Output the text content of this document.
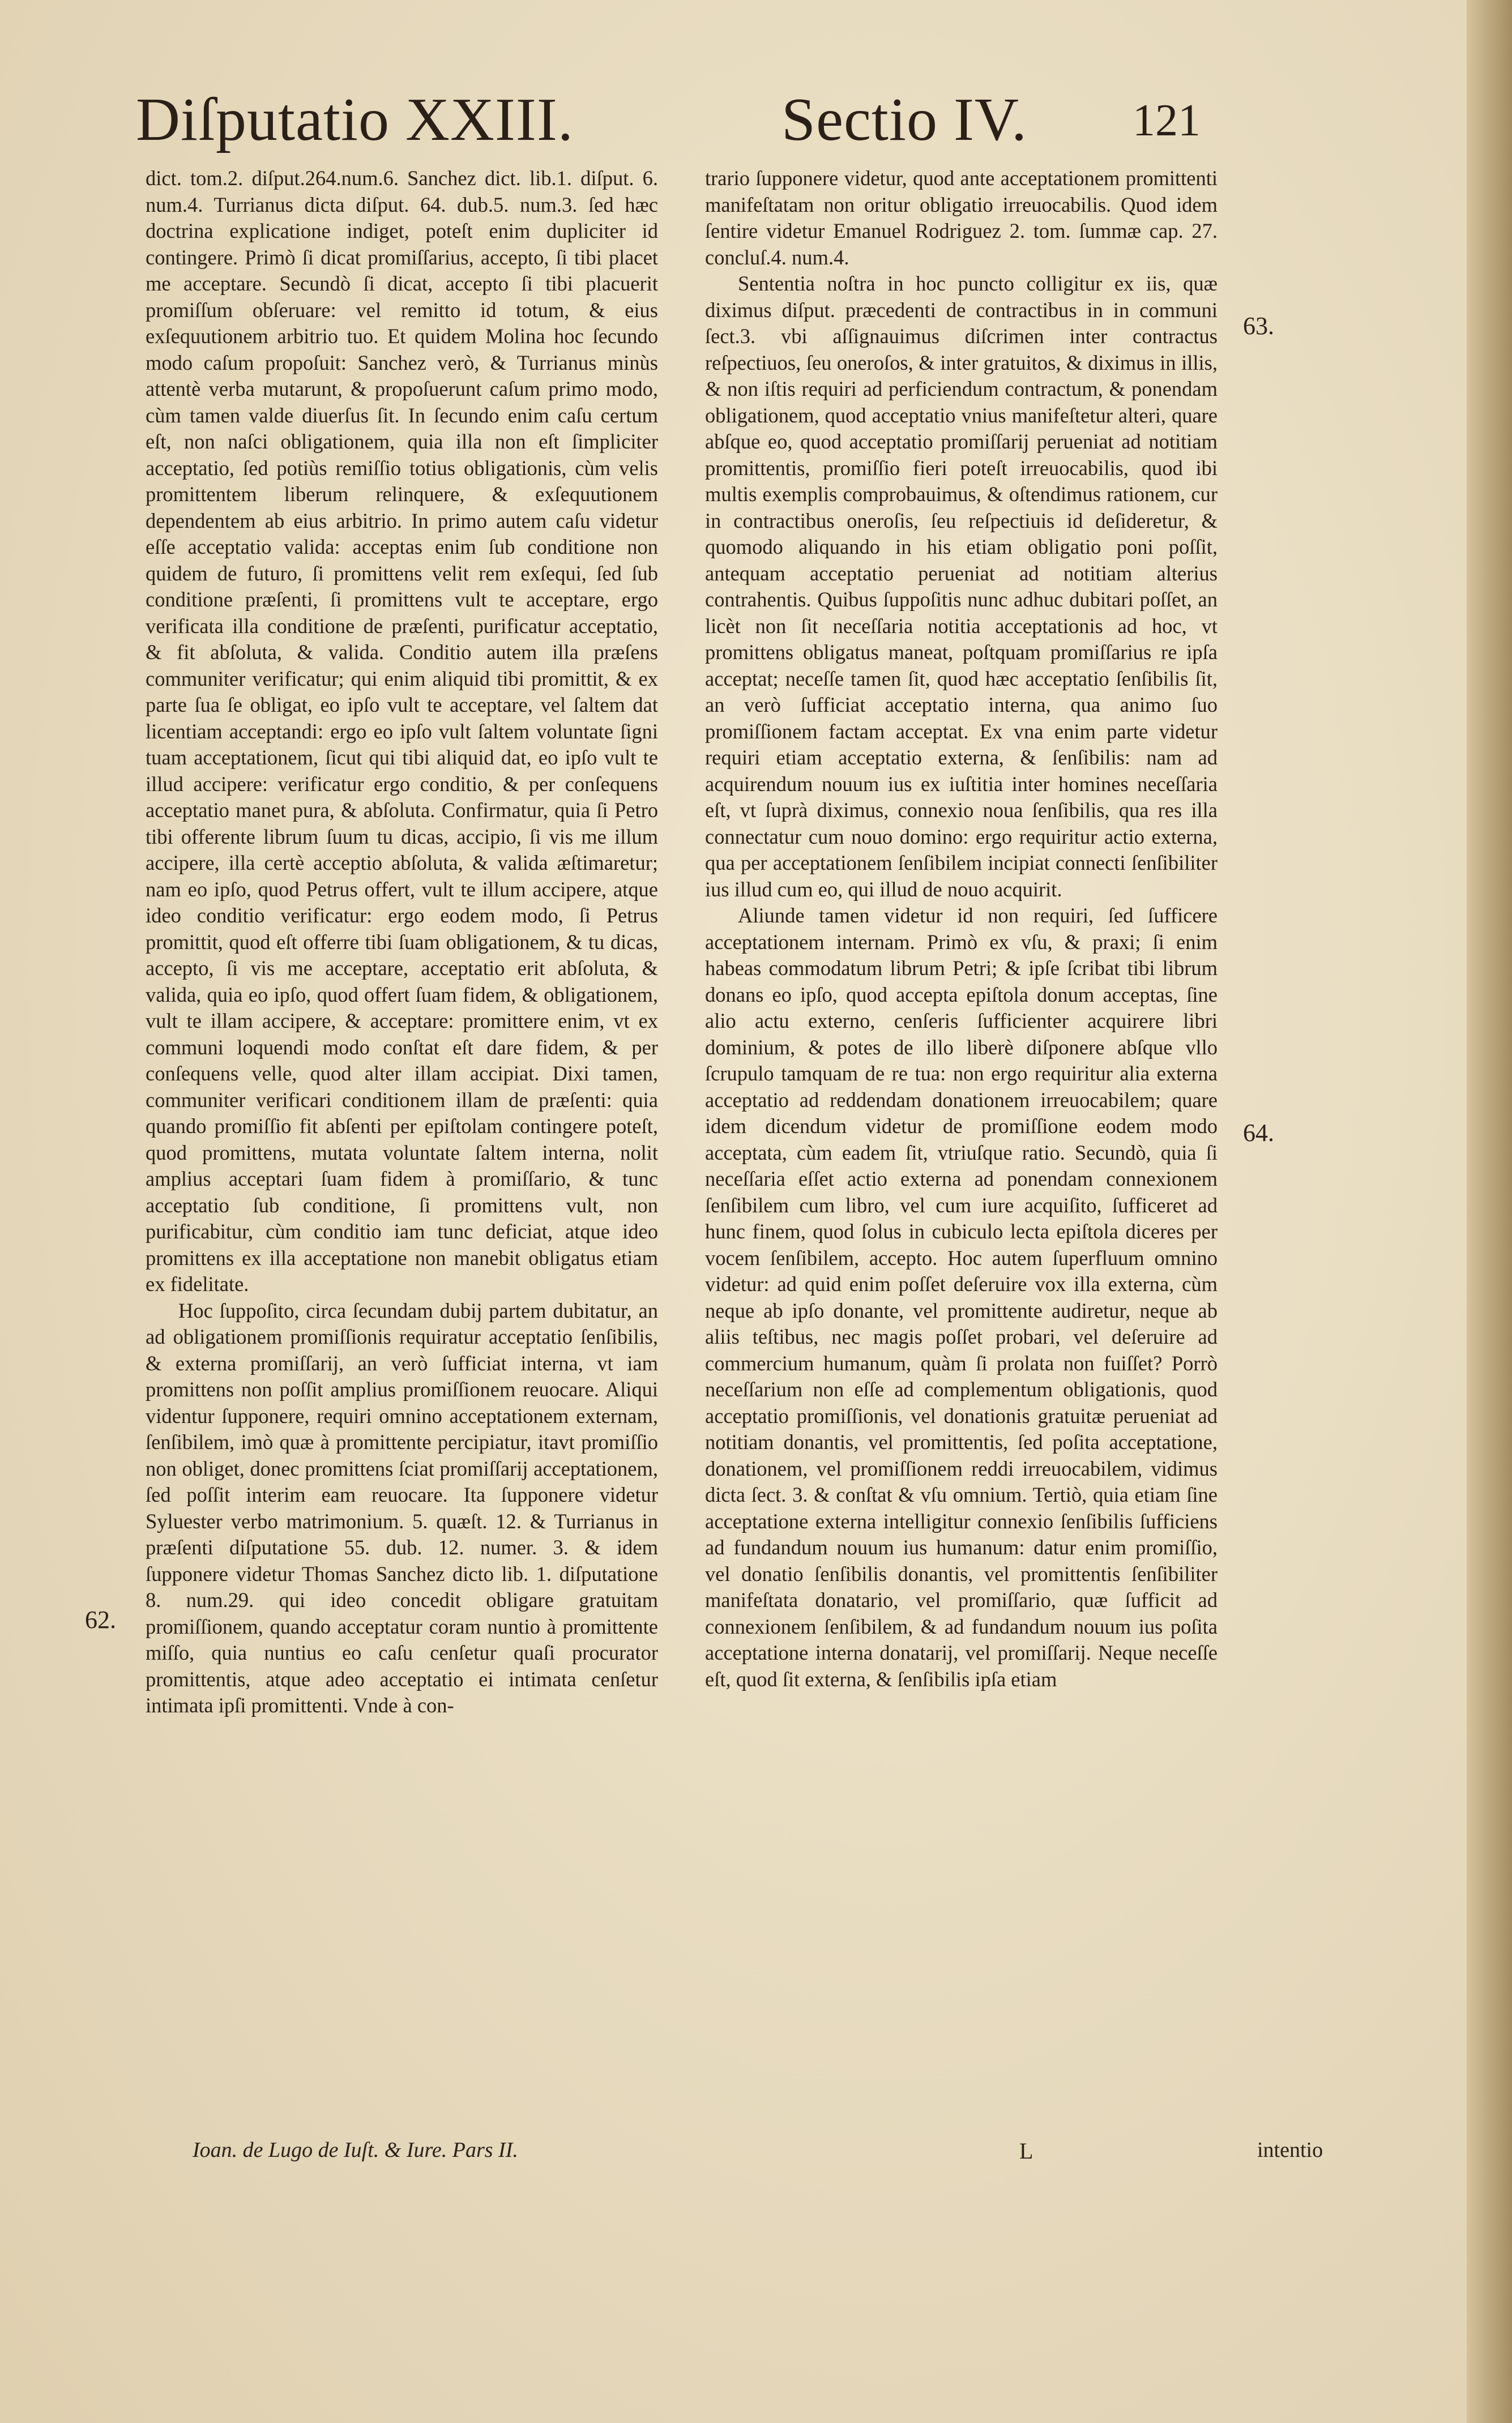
Diſputatio XXIII.	Sectio IV. 121

dict. tom.2. diſput.264.num.6. Sanchez dict. lib.1. diſput. 6. num.4. Turrianus dicta diſput. 64. dub.5. num.3. ſed hæc doctrina explicatione indiget, poteſt enim dupliciter id contingere. Primò ſi dicat promiſſarius, accepto, ſi tibi placet me acceptare. Secundò ſi dicat, accepto ſi tibi placuerit promiſſum obſeruare: vel remitto id totum, & eius exſequutionem arbitrio tuo. Et quidem Molina hoc ſecundo modo caſum propoſuit: Sanchez verò, & Turrianus minùs attentè verba mutarunt, & propoſuerunt caſum primo modo, cùm tamen valde diuerſus ſit. In ſecundo enim caſu certum eſt, non naſci obligationem, quia illa non eſt ſimpliciter acceptatio, ſed potiùs remiſſio totius obligationis, cùm velis promittentem liberum relinquere, & exſequutionem dependentem ab eius arbitrio. In primo autem caſu videtur eſſe acceptatio valida: acceptas enim ſub conditione non quidem de futuro, ſi promittens velit rem exſequi, ſed ſub conditione præſenti, ſi promittens vult te acceptare, ergo verificata illa conditione de præſenti, purificatur acceptatio, & fit abſoluta, & valida. Conditio autem illa præſens communiter verificatur; qui enim aliquid tibi promittit, & ex parte ſua ſe obligat, eo ipſo vult te acceptare, vel ſaltem dat licentiam acceptandi: ergo eo ipſo vult ſaltem voluntate ſigni tuam acceptationem, ſicut qui tibi aliquid dat, eo ipſo vult te illud accipere: verificatur ergo conditio, & per conſequens acceptatio manet pura, & abſoluta. Confirmatur, quia ſi Petro tibi offerente librum ſuum tu dicas, accipio, ſi vis me illum accipere, illa certè acceptio abſoluta, & valida æſtimaretur; nam eo ipſo, quod Petrus offert, vult te illum accipere, atque ideo conditio verificatur: ergo eodem modo, ſi Petrus promittit, quod eſt offerre tibi ſuam obligationem, & tu dicas, accepto, ſi vis me acceptare, acceptatio erit abſoluta, & valida, quia eo ipſo, quod offert ſuam fidem, & obligationem, vult te illam accipere, & acceptare: promittere enim, vt ex communi loquendi modo conſtat eſt dare fidem, & per conſequens velle, quod alter illam accipiat. Dixi tamen, communiter verificari conditionem illam de præſenti: quia quando promiſſio fit abſenti per epiſtolam contingere poteſt, quod promittens, mutata voluntate ſaltem interna, nolit amplius acceptari ſuam fidem à promiſſario, & tunc acceptatio ſub conditione, ſi promittens vult, non purificabitur, cùm conditio iam tunc deficiat, atque ideo promittens ex illa acceptatione non manebit obligatus etiam ex fidelitate.

Hoc ſuppoſito, circa ſecundam dubij partem dubitatur, an ad obligationem promiſſionis requiratur acceptatio ſenſibilis, & externa promiſſarij, an verò ſufficiat interna, vt iam promittens non poſſit amplius promiſſionem reuocare. Aliqui videntur ſupponere, requiri omnino acceptationem externam, ſenſibilem, imò quæ à promittente percipiatur, itavt promiſſio non obliget, donec promittens ſciat promiſſarij acceptationem, ſed poſſit interim eam reuocare. Ita ſupponere videtur Syluester verbo matrimonium. 5. quæſt. 12. & Turrianus in præſenti diſputatione 55. dub. 12. numer. 3. & idem ſupponere videtur Thomas Sanchez dicto lib. 1. diſputatione 8. num.29. qui ideo concedit obligare gratuitam promiſſionem, quando acceptatur coram nuntio à promittente miſſo, quia nuntius eo caſu cenſetur quaſi procurator promittentis, atque adeo acceptatio ei intimata cenſetur intimata ipſi promittenti. Vnde à con-

trario ſupponere videtur, quod ante acceptationem promittenti manifeſtatam non oritur obligatio irreuocabilis. Quod idem ſentire videtur Emanuel Rodriguez 2. tom. ſummæ cap. 27. concluſ.4. num.4.

Sententia noſtra in hoc puncto colligitur ex iis, quæ diximus diſput. præcedenti de contractibus in in communi ſect.3. vbi aſſignauimus diſcrimen inter contractus reſpectiuos, ſeu oneroſos, & inter gratuitos, & diximus in illis, & non iſtis requiri ad perficiendum contractum, & ponendam obligationem, quod acceptatio vnius manifeſtetur alteri, quare abſque eo, quod acceptatio promiſſarij perueniat ad notitiam promittentis, promiſſio fieri poteſt irreuocabilis, quod ibi multis exemplis comprobauimus, & oſtendimus rationem, cur in contractibus oneroſis, ſeu reſpectiuis id deſideretur, & quomodo aliquando in his etiam obligatio poni poſſit, antequam acceptatio perueniat ad notitiam alterius contrahentis. Quibus ſuppoſitis nunc adhuc dubitari poſſet, an licèt non ſit neceſſaria notitia acceptationis ad hoc, vt promittens obligatus maneat, poſtquam promiſſarius re ipſa acceptat; neceſſe tamen ſit, quod hæc acceptatio ſenſibilis ſit, an verò ſufficiat acceptatio interna, qua animo ſuo promiſſionem factam acceptat. Ex vna enim parte videtur requiri etiam acceptatio externa, & ſenſibilis: nam ad acquirendum nouum ius ex iuſtitia inter homines neceſſaria eſt, vt ſuprà diximus, connexio noua ſenſibilis, qua res illa connectatur cum nouo domino: ergo requiritur actio externa, qua per acceptationem ſenſibilem incipiat connecti ſenſibiliter ius illud cum eo, qui illud de nouo acquirit.

Aliunde tamen videtur id non requiri, ſed ſufficere acceptationem internam. Primò ex vſu, & praxi; ſi enim habeas commodatum librum Petri; & ipſe ſcribat tibi librum donans eo ipſo, quod accepta epiſtola donum acceptas, ſine alio actu externo, cenſeris ſufficienter acquirere libri dominium, & potes de illo liberè diſponere abſque vllo ſcrupulo tamquam de re tua: non ergo requiritur alia externa acceptatio ad reddendam donationem irreuocabilem; quare idem dicendum videtur de promiſſione eodem modo acceptata, cùm eadem ſit, vtriuſque ratio. Secundò, quia ſi neceſſaria eſſet actio externa ad ponendam connexionem ſenſibilem cum libro, vel cum iure acquiſito, ſufficeret ad hunc finem, quod ſolus in cubiculo lecta epiſtola diceres per vocem ſenſibilem, accepto. Hoc autem ſuperfluum omnino videtur: ad quid enim poſſet deſeruire vox illa externa, cùm neque ab ipſo donante, vel promittente audiretur, neque ab aliis teſtibus, nec magis poſſet probari, vel deſeruire ad commercium humanum, quàm ſi prolata non fuiſſet? Porrò neceſſarium non eſſe ad complementum obligationis, quod acceptatio promiſſionis, vel donationis gratuitæ perueniat ad notitiam donantis, vel promittentis, ſed poſita acceptatione, donationem, vel promiſſionem reddi irreuocabilem, vidimus dicta ſect. 3. & conſtat & vſu omnium. Tertiò, quia etiam ſine acceptatione externa intelligitur connexio ſenſibilis ſufficiens ad fundandum nouum ius humanum: datur enim promiſſio, vel donatio ſenſibilis donantis, vel promittentis ſenſibiliter manifeſtata donatario, vel promiſſario, quæ ſufficit ad connexionem ſenſibilem, & ad fundandum nouum ius poſita acceptatione interna donatarij, vel promiſſarij. Neque neceſſe eſt, quod ſit externa, & ſenſibilis ipſa etiam

62.
63.
64.
Ioan. de Lugo de Iuſt. & Iure. Pars II.	L	intentio
